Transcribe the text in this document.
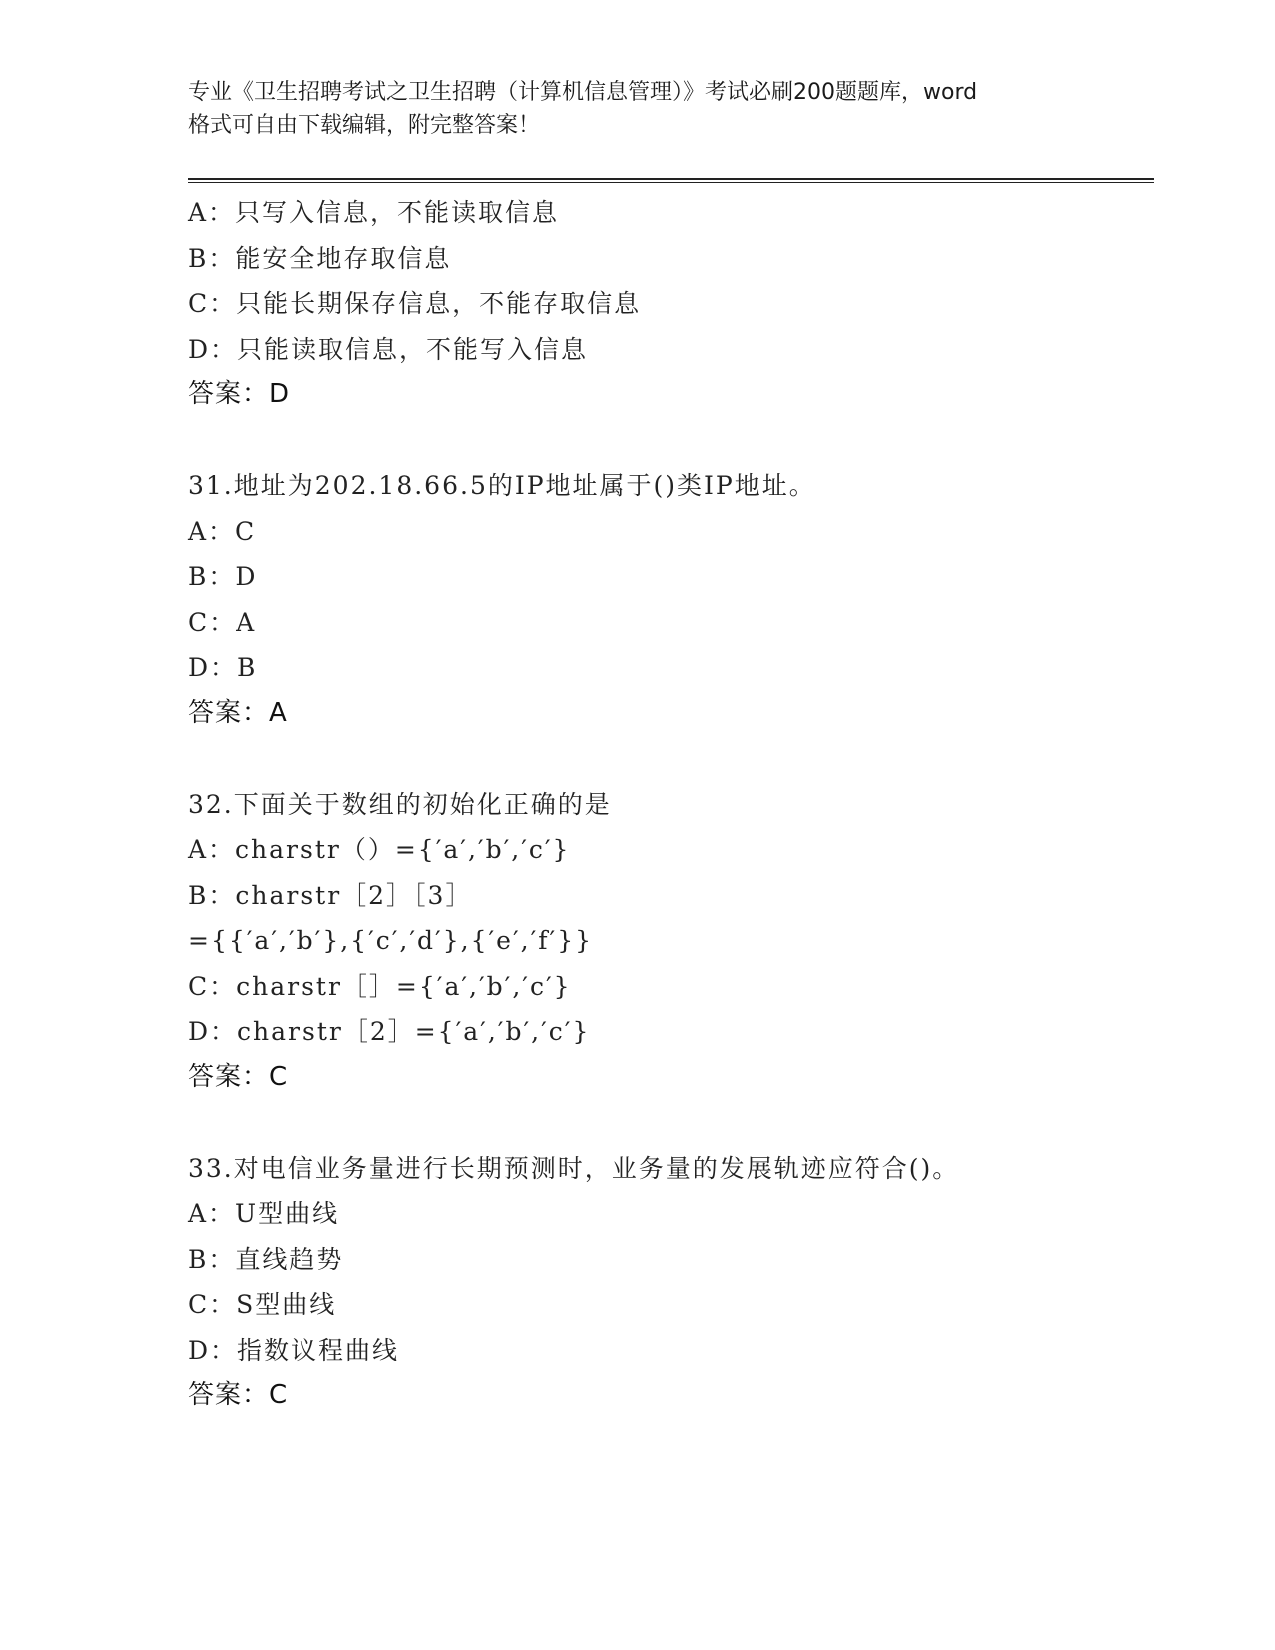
专业《卫生招聘考试之卫生招聘（计算机信息管理）》考试必刷200题题库，word
格式可自由下载编辑，附完整答案！
A：只写入信息，不能读取信息
B：能安全地存取信息
C：只能长期保存信息，不能存取信息
D：只能读取信息，不能写入信息
答案：D
31.地址为202.18.66.5的IP地址属于()类IP地址。
A：C
B：D
C：A
D：B
答案：A
32.下面关于数组的初始化正确的是
A：charstr（）={′a′,′b′,′c′}
B：charstr［2］［3］
={{′a′,′b′},{′c′,′d′},{′e′,′f′}}
C：charstr［］={′a′,′b′,′c′}
D：charstr［2］={′a′,′b′,′c′}
答案：C
33.对电信业务量进行长期预测时，业务量的发展轨迹应符合()。
A：U型曲线
B：直线趋势
C：S型曲线
D：指数议程曲线
答案：C
